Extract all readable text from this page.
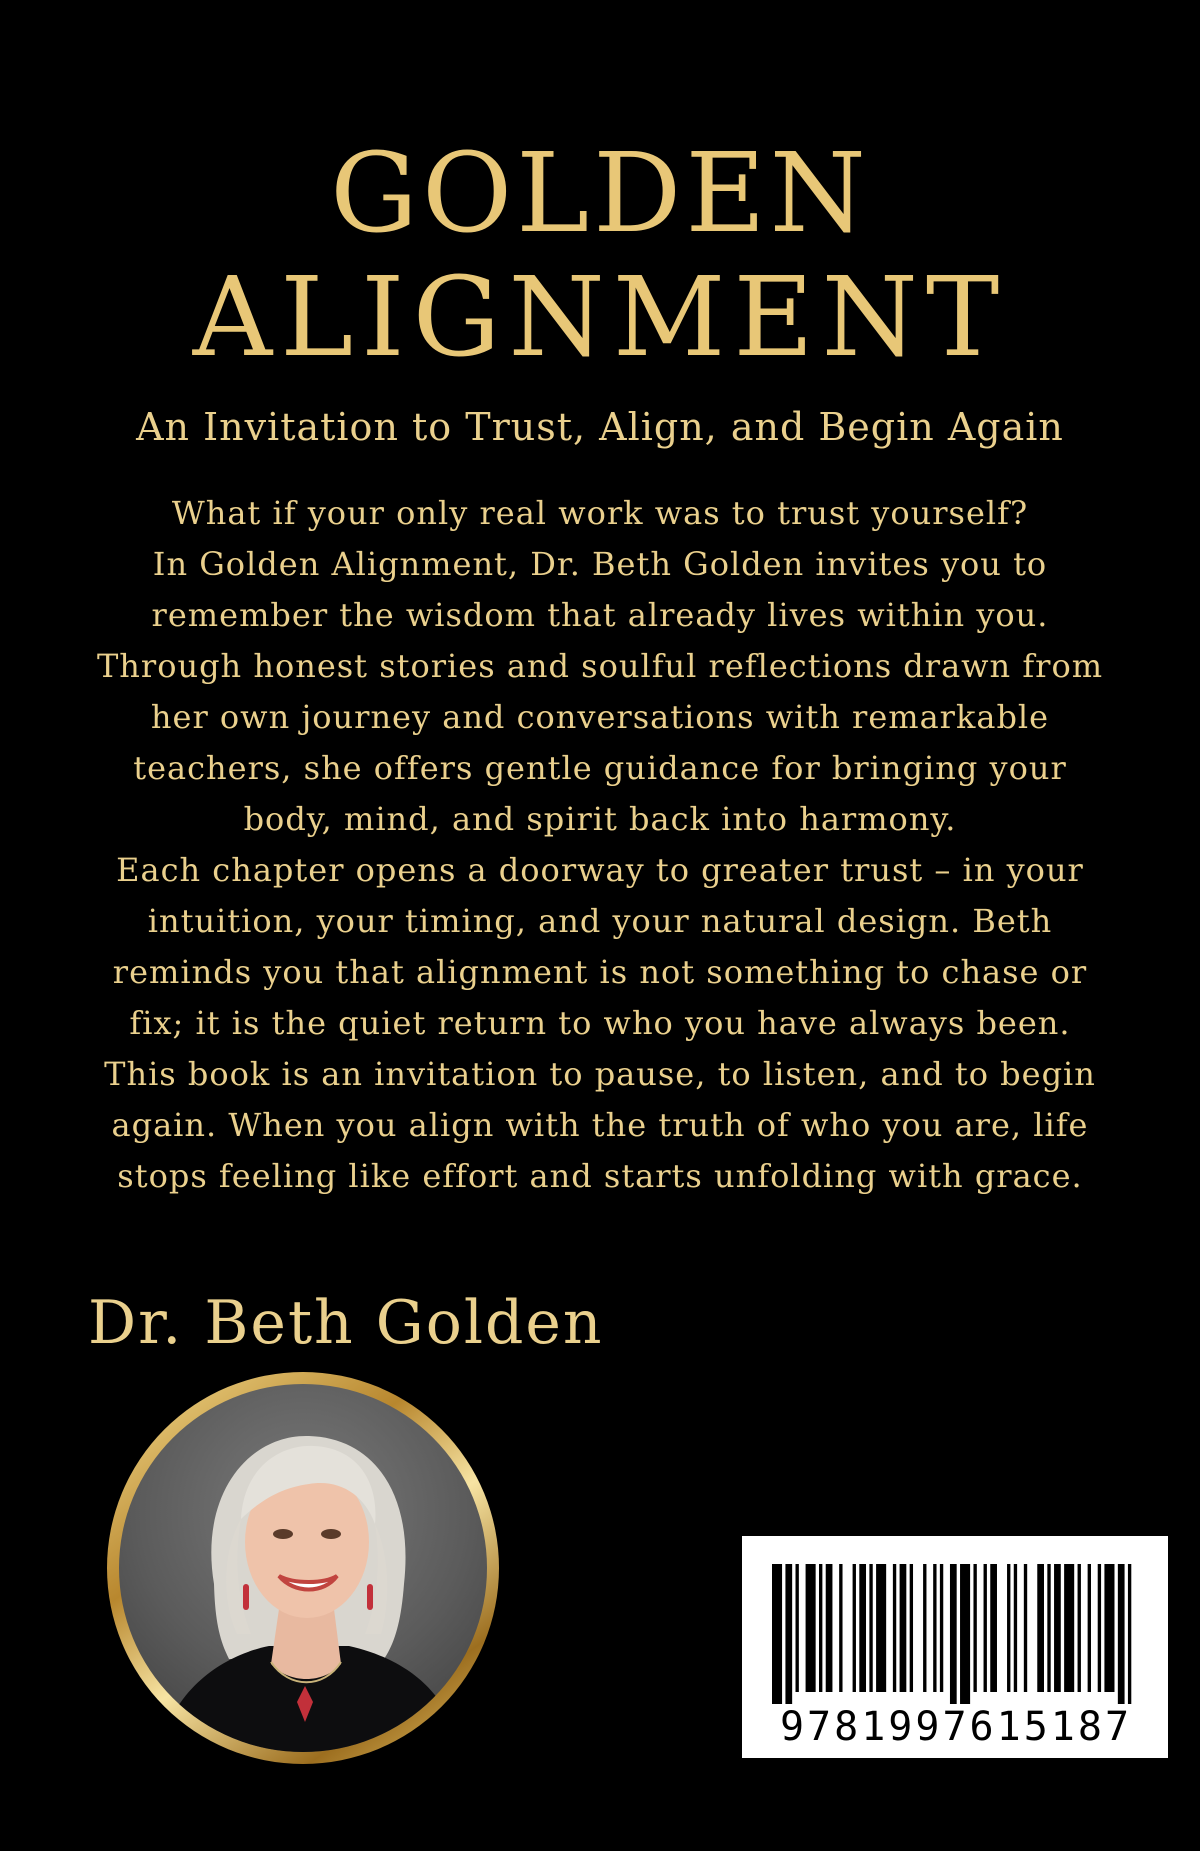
GOLDEN
ALIGNMENT
An Invitation to Trust, Align, and Begin Again

What if your only real work was to trust yourself?

In Golden Alignment, Dr. Beth Golden invites you to remember the wisdom that already lives within you. Through honest stories and soulful reflections drawn from her own journey and conversations with remarkable teachers, she offers gentle guidance for bringing your body, mind, and spirit back into harmony.

Each chapter opens a doorway to greater trust – in your intuition, your timing, and your natural design. Beth reminds you that alignment is not something to chase or fix; it is the quiet return to who you have always been.

This book is an invitation to pause, to listen, and to begin again. When you align with the truth of who you are, life stops feeling like effort and starts unfolding with grace.

Dr. Beth Golden
9781997615187
